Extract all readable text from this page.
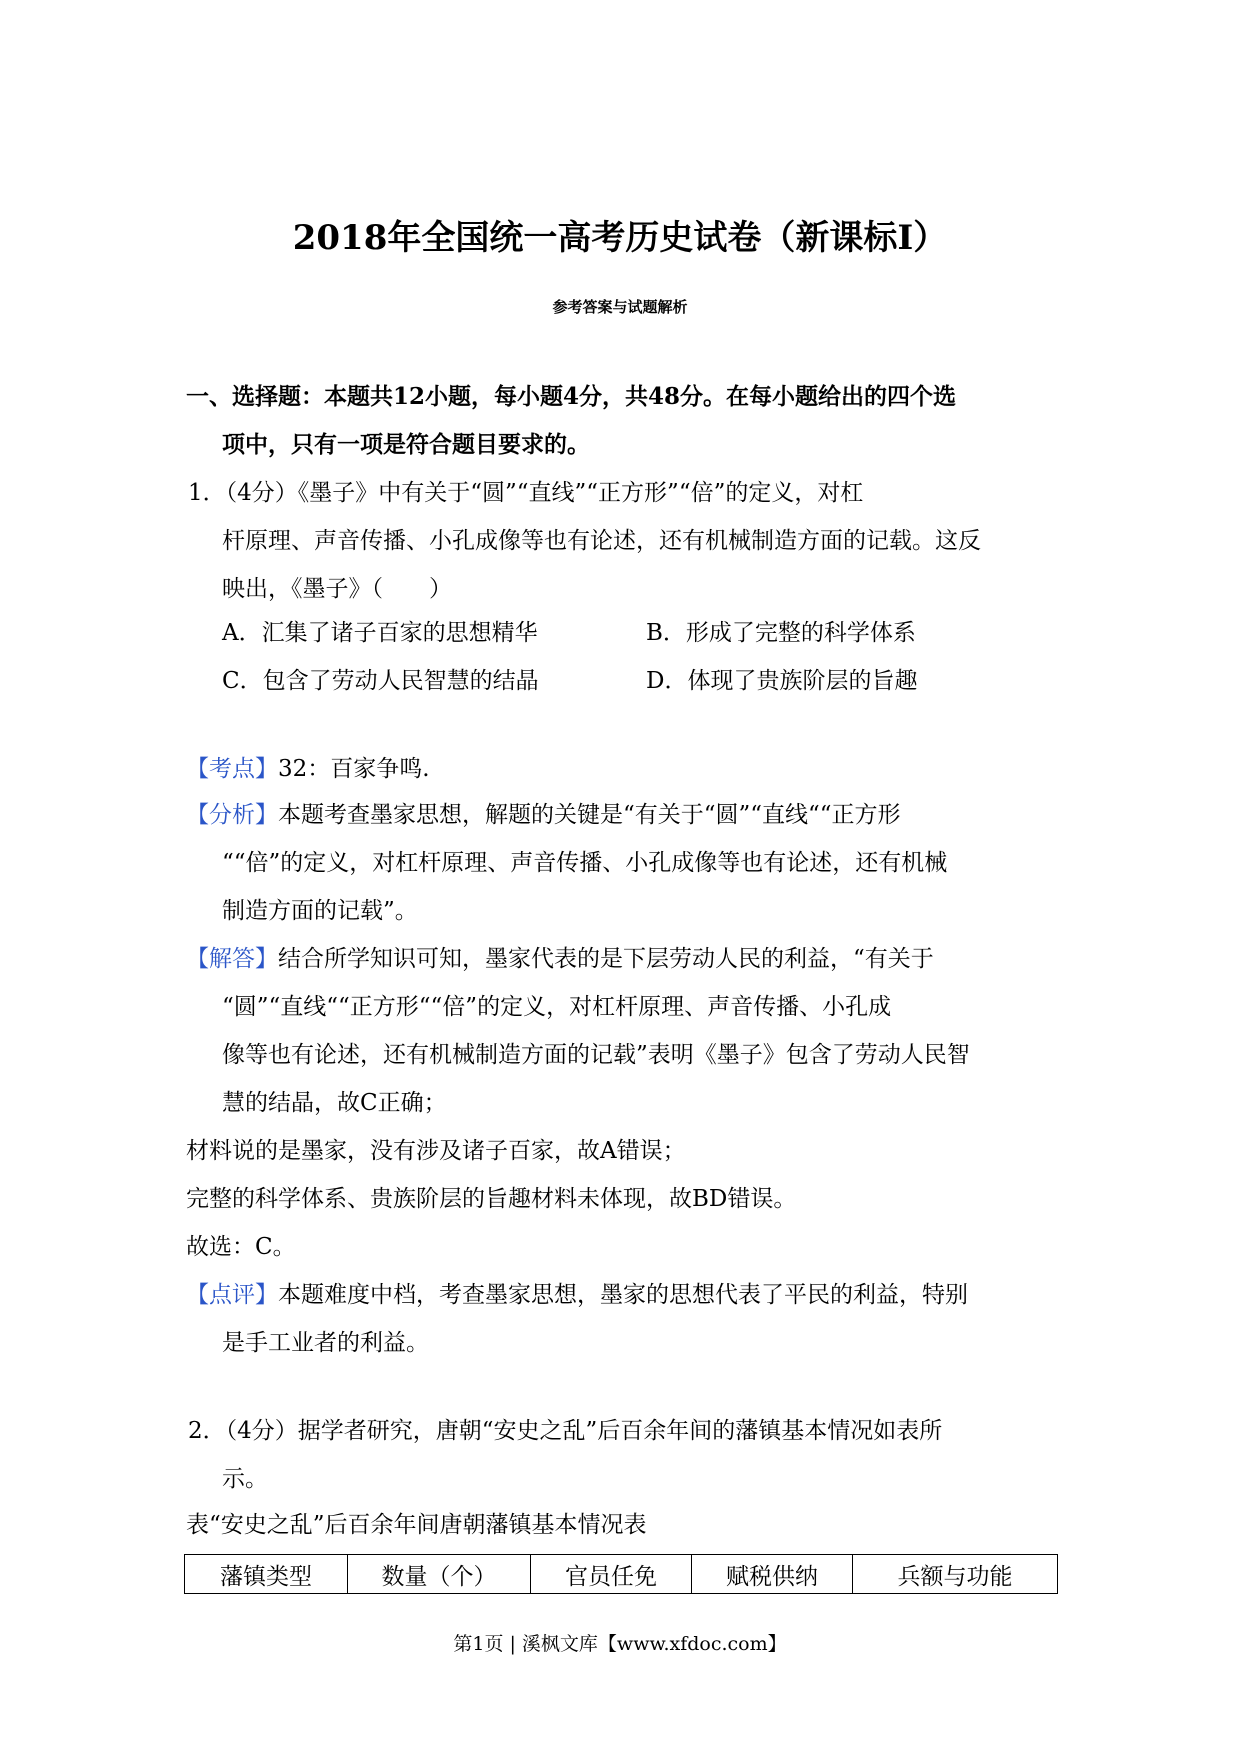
2018年全国统一高考历史试卷（新课标Ⅰ）
参考答案与试题解析
一、选择题：本题共12小题，每小题4分，共48分。在每小题给出的四个选
项中，只有一项是符合题目要求的。
1．（4分）《墨子》中有关于“圆”“直线”“正方形”“倍”的定义，对杠
杆原理、声音传播、小孔成像等也有论述，还有机械制造方面的记载。这反
映出，《墨子》（　　）
A．汇集了诸子百家的思想精华	B．形成了完整的科学体系
C．包含了劳动人民智慧的结晶	D．体现了贵族阶层的旨趣
【考点】32：百家争鸣.
【分析】本题考查墨家思想，解题的关键是“有关于“圆”“直线““正方形
““倍”的定义，对杠杆原理、声音传播、小孔成像等也有论述，还有机械
制造方面的记载”。
【解答】结合所学知识可知，墨家代表的是下层劳动人民的利益，“有关于
“圆”“直线““正方形““倍”的定义，对杠杆原理、声音传播、小孔成
像等也有论述，还有机械制造方面的记载”表明《墨子》包含了劳动人民智
慧的结晶，故C正确；
材料说的是墨家，没有涉及诸子百家，故A错误；
完整的科学体系、贵族阶层的旨趣材料未体现，故BD错误。
故选：C。
【点评】本题难度中档，考查墨家思想，墨家的思想代表了平民的利益，特别
是手工业者的利益。
2．（4分）据学者研究，唐朝“安史之乱”后百余年间的藩镇基本情况如表所
示。
表“安史之乱”后百余年间唐朝藩镇基本情况表
藩镇类型	数量（个）	官员任免	赋税供纳	兵额与功能
第1页 | 溪枫文库【www.xfdoc.com】
